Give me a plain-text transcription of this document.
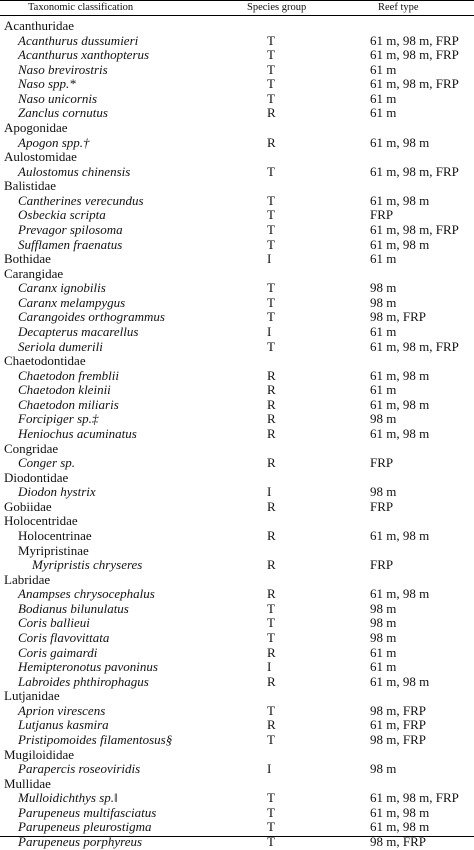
Taxonomic classification	Species group	Reef type
Acanthuridae
Acanthurus dussumieri	T	61 m, 98 m, FRP
Acanthurus xanthopterus	T	61 m, 98 m, FRP
Naso brevirostris	T	61 m
Naso spp.*	T	61 m, 98 m, FRP
Naso unicornis	T	61 m
Zanclus cornutus	R	61 m
Apogonidae
Apogon spp.†	R	61 m, 98 m
Aulostomidae
Aulostomus chinensis	T	61 m, 98 m, FRP
Balistidae
Cantherines verecundus	T	61 m, 98 m
Osbeckia scripta	T	FRP
Prevagor spilosoma	T	61 m, 98 m, FRP
Sufflamen fraenatus	T	61 m, 98 m
Bothidae	I	61 m
Carangidae
Caranx ignobilis	T	98 m
Caranx melampygus	T	98 m
Carangoides orthogrammus	T	98 m, FRP
Decapterus macarellus	I	61 m
Seriola dumerili	T	61 m, 98 m, FRP
Chaetodontidae
Chaetodon fremblii	R	61 m, 98 m
Chaetodon kleinii	R	61 m
Chaetodon miliaris	R	61 m, 98 m
Forcipiger sp.‡	R	98 m
Heniochus acuminatus	R	61 m, 98 m
Congridae
Conger sp.	R	FRP
Diodontidae
Diodon hystrix	I	98 m
Gobiidae	R	FRP
Holocentridae
Holocentrinae	R	61 m, 98 m
Myripristinae
Myripristis chryseres	R	FRP
Labridae
Anampses chrysocephalus	R	61 m, 98 m
Bodianus bilunulatus	T	98 m
Coris ballieui	T	98 m
Coris flavovittata	T	98 m
Coris gaimardi	R	61 m
Hemipteronotus pavoninus	I	61 m
Labroides phthirophagus	R	61 m, 98 m
Lutjanidae
Aprion virescens	T	98 m, FRP
Lutjanus kasmira	R	61 m, FRP
Pristipomoides filamentosus§	T	98 m, FRP
Mugiloididae
Parapercis roseoviridis	I	98 m
Mullidae
Mulloidichthys sp.‖	T	61 m, 98 m, FRP
Parupeneus multifasciatus	T	61 m, 98 m
Parupeneus pleurostigma	T	61 m, 98 m
Parupeneus porphyreus	T	98 m, FRP
